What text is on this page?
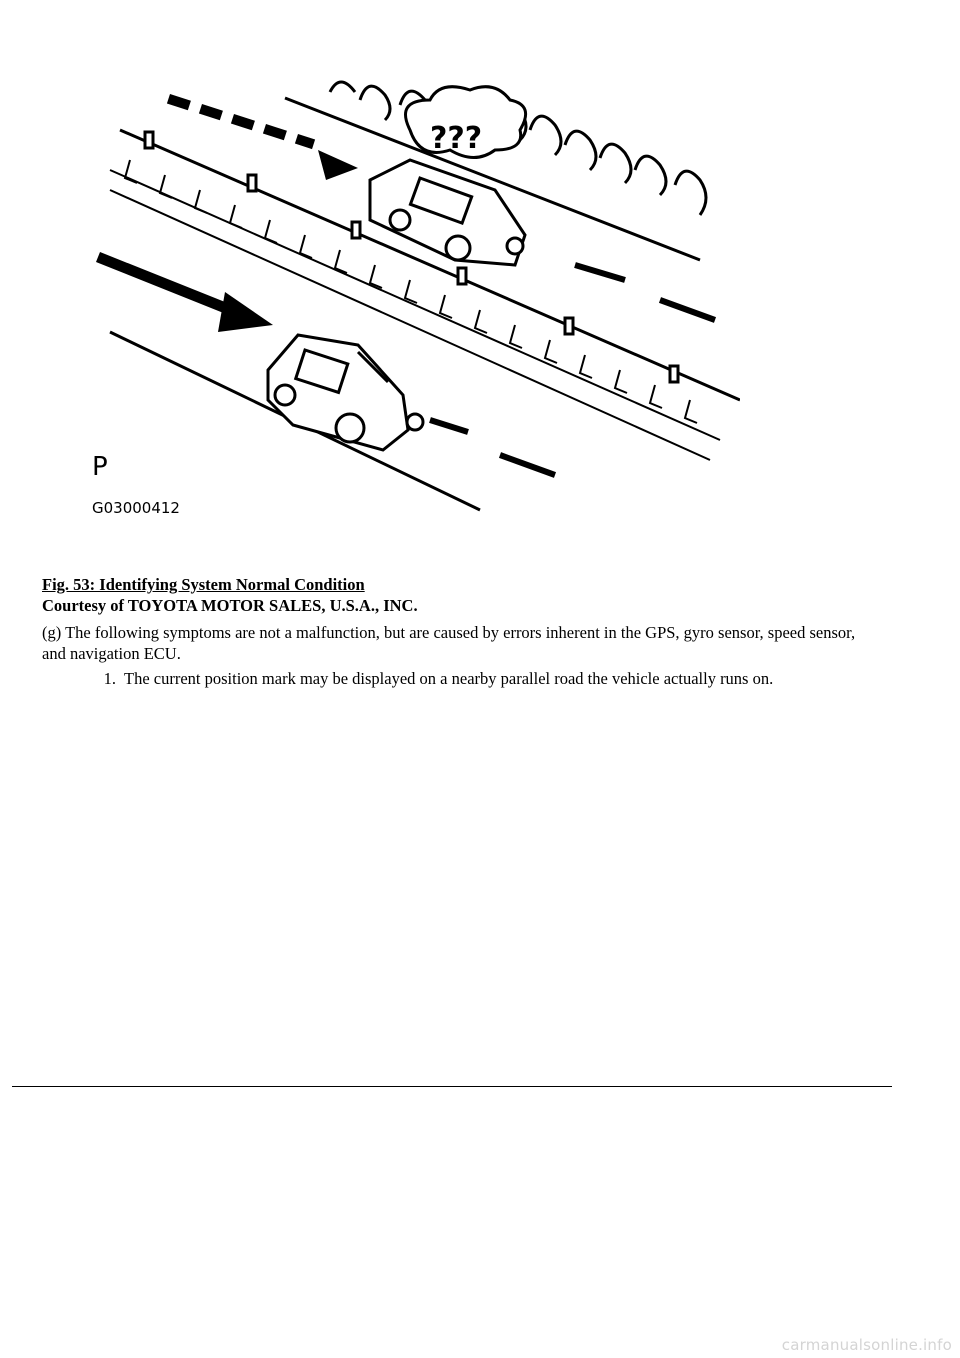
???
P
G03000412
Fig. 53: Identifying System Normal Condition
Courtesy of TOYOTA MOTOR SALES, U.S.A., INC.
(g) The following symptoms are not a malfunction, but are caused by errors inherent in the GPS, gyro sensor, speed sensor, and navigation ECU.
1. The current position mark may be displayed on a nearby parallel road the vehicle actually runs on.
carmanualsonline.info
